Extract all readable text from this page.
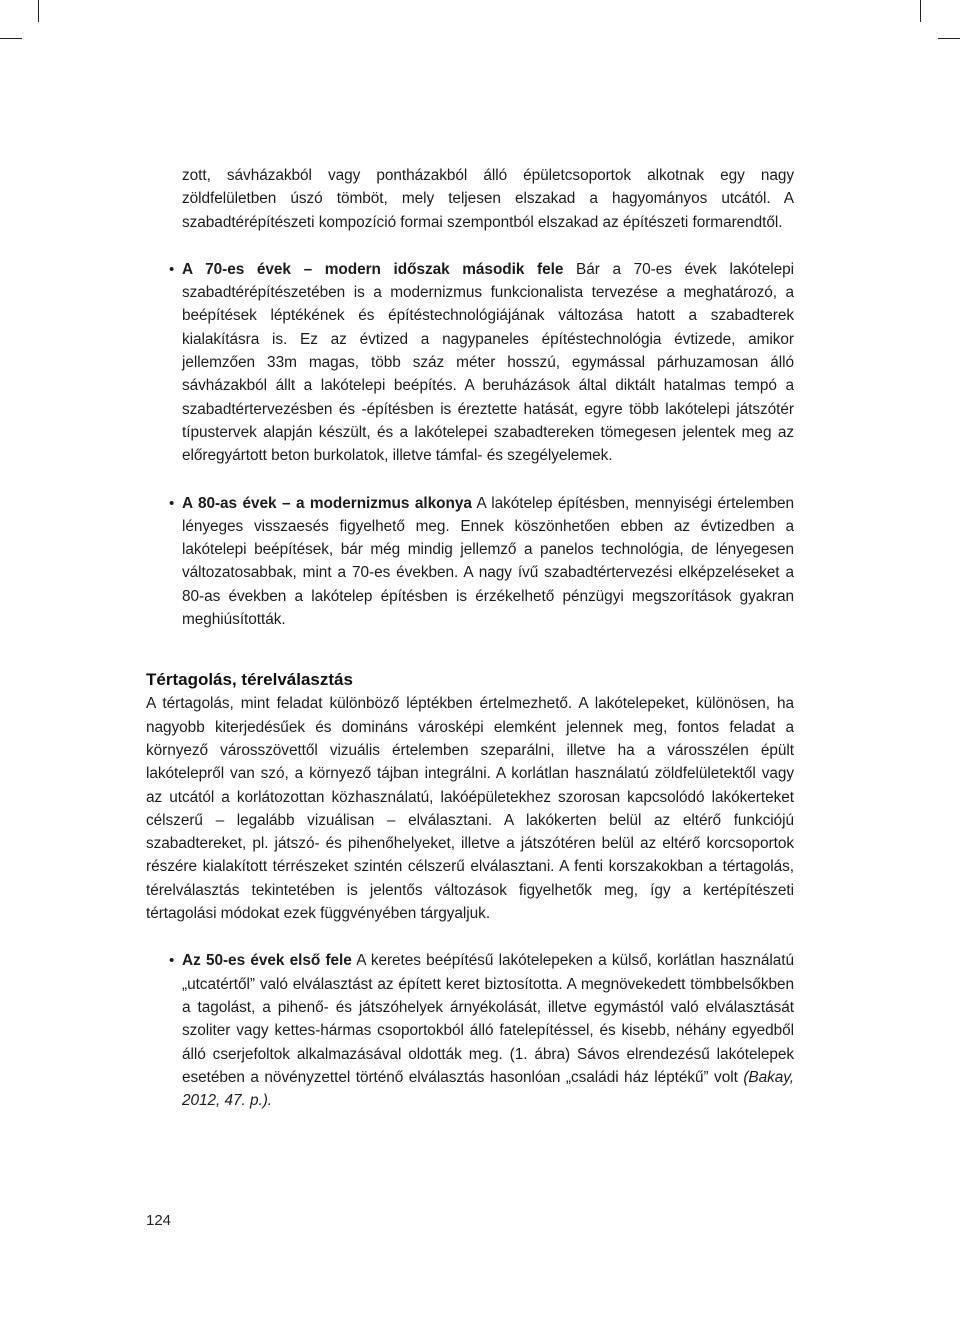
zott, sávházakból vagy pontházakból álló épületcsoportok alkotnak egy nagy zöldfelületben úszó tömböt, mely teljesen elszakad a hagyományos utcától. A szabadtérépítészeti kompozíció formai szempontból elszakad az építészeti formarendtől.

• A 70-es évek – modern időszak második fele Bár a 70-es évek lakótelepi szabadtérépítészetében is a modernizmus funkcionalista tervezése a meghatározó, a beépítések léptékének és építéstechnológiájának változása hatott a szabadterek kialakításra is. Ez az évtized a nagypaneles építéstechnológia évtizede, amikor jellemzően 33m magas, több száz méter hosszú, egymással párhuzamosan álló sávházakból állt a lakótelepi beépítés. A beruházások által diktált hatalmas tempó a szabadtértervezésben és -építésben is éreztette hatását, egyre több lakótelepi játszótér típustervek alapján készült, és a lakótelepei szabadtereken tömegesen jelentek meg az előregyártott beton burkolatok, illetve támfal- és szegélyelemek.
• A 80-as évek – a modernizmus alkonya A lakótelep építésben, mennyiségi értelemben lényeges visszaesés figyelhető meg. Ennek köszönhetően ebben az évtizedben a lakótelepi beépítések, bár még mindig jellemző a panelos technológia, de lényegesen változatosabbak, mint a 70-es években. A nagy ívű szabadtértervezési elképzeléseket a 80-as években a lakótelep építésben is érzékelhető pénzügyi megszorítások gyakran meghiúsították.
Tértagolás, térelválasztás

A tértagolás, mint feladat különböző léptékben értelmezhető. A lakótelepeket, különösen, ha nagyobb kiterjedésűek és domináns városképi elemként jelennek meg, fontos feladat a környező városszövettől vizuális értelemben szeparálni, illetve ha a városszélen épült lakótelepről van szó, a környező tájban integrálni. A korlátlan használatú zöldfelületektől vagy az utcától a korlátozottan közhasználatú, lakóépületekhez szorosan kapcsolódó lakókerteket célszerű – legalább vizuálisan – elválasztani. A lakókerten belül az eltérő funkciójú szabadtereket, pl. játszó- és pihenőhelyeket, illetve a játszótéren belül az eltérő korcsoportok részére kialakított térrészeket szintén célszerű elválasztani. A fenti korszakokban a tértagolás, térelválasztás tekintetében is jelentős változások figyelhetők meg, így a kertépítészeti tértagolási módokat ezek függvényében tárgyaljuk.

• Az 50-es évek első fele A keretes beépítésű lakótelepeken a külső, korlátlan használatú „utcatértől” való elválasztást az épített keret biztosította. A megnövekedett tömbbelsőkben a tagolást, a pihenő- és játszóhelyek árnyékolását, illetve egymástól való elválasztását szoliter vagy kettes-hármas csoportokból álló fatelepítéssel, és kisebb, néhány egyedből álló cserjefoltok alkalmazásával oldották meg. (1. ábra) Sávos elrendezésű lakótelepek esetében a növényzettel történő elválasztás hasonlóan „családi ház léptékű” volt (Bakay, 2012, 47. p.).
124
